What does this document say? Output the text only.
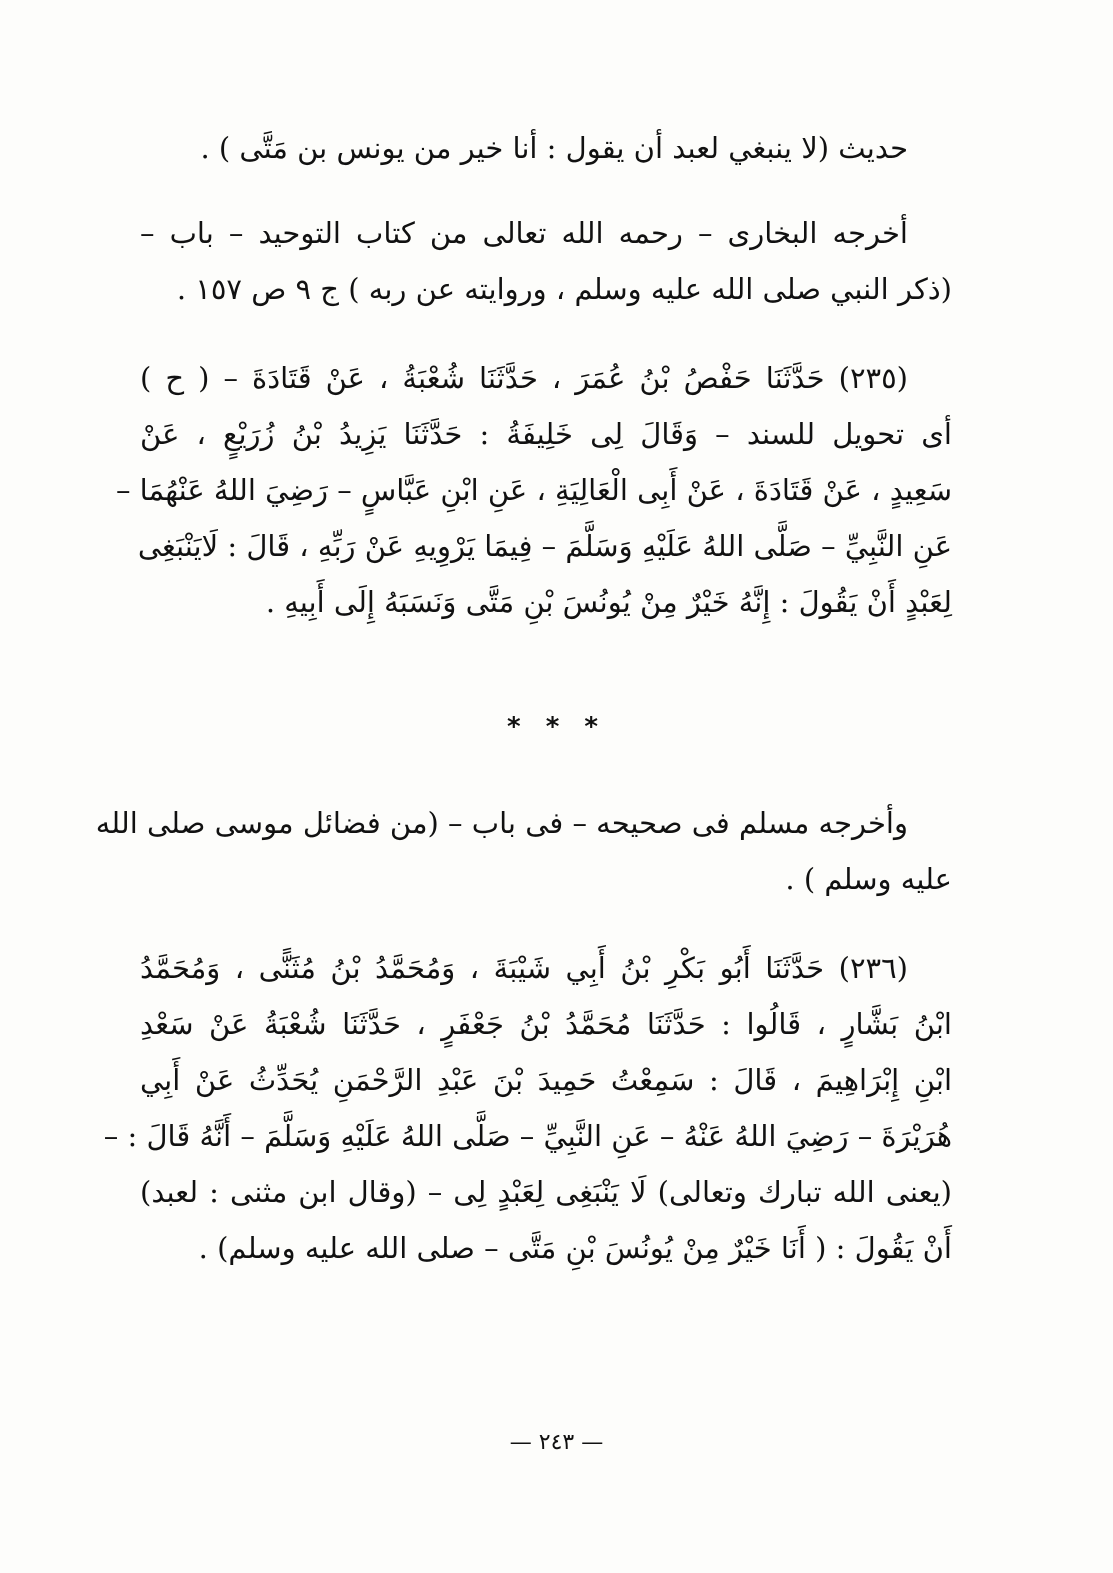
حديث (لا ينبغي لعبد أن يقول : أنا خير من يونس بن مَتَّى ) .
أخرجه البخارى – رحمه الله تعالى من كتاب التوحيد – باب –
(ذكر النبي صلى الله عليه وسلم ، وروايته عن ربه ) ج ٩ ص ١٥٧ .
(٢٣٥) حَدَّثَنَا حَفْصُ بْنُ عُمَرَ ، حَدَّثَنَا شُعْبَةُ ، عَنْ قَتَادَةَ – ( ح )
أى تحويل للسند – وَقَالَ لِى خَلِيفَةُ : حَدَّثَنَا يَزِيدُ بْنُ زُرَيْعٍ ، عَنْ
سَعِيدٍ ، عَنْ قَتَادَةَ ، عَنْ أَبِى الْعَالِيَةِ ، عَنِ ابْنِ عَبَّاسٍ – رَضِيَ اللهُ عَنْهُمَا –
عَنِ النَّبِيِّ – صَلَّى اللهُ عَلَيْهِ وَسَلَّمَ – فِيمَا يَرْوِيهِ عَنْ رَبِّهِ ، قَالَ : لَايَنْبَغِى
لِعَبْدٍ أَنْ يَقُولَ : إِنَّهُ خَيْرٌ مِنْ يُونُسَ بْنِ مَتَّى وَنَسَبَهُ إِلَى أَبِيهِ .
* * *
وأخرجه مسلم فى صحيحه – فى باب – (من فضائل موسى صلى الله
عليه وسلم ) .
(٢٣٦) حَدَّثَنَا أَبُو بَكْرِ بْنُ أَبِي شَيْبَةَ ، وَمُحَمَّدُ بْنُ مُثَنًّى ، وَمُحَمَّدُ
ابْنُ بَشَّارٍ ، قَالُوا : حَدَّثَنَا مُحَمَّدُ بْنُ جَعْفَرٍ ، حَدَّثَنَا شُعْبَةُ عَنْ سَعْدِ
ابْنِ إِبْرَاهِيمَ ، قَالَ : سَمِعْتُ حَمِيدَ بْنَ عَبْدِ الرَّحْمَنِ يُحَدِّثُ عَنْ أَبِي
هُرَيْرَةَ – رَضِيَ اللهُ عَنْهُ – عَنِ النَّبِيِّ – صَلَّى اللهُ عَلَيْهِ وَسَلَّمَ – أَنَّهُ قَالَ : –
(يعنى الله تبارك وتعالى) لَا يَنْبَغِى لِعَبْدٍ لِى – (وقال ابن مثنى : لعبد)
أَنْ يَقُولَ : ( أَنَا خَيْرٌ مِنْ يُونُسَ بْنِ مَتَّى – صلى الله عليه وسلم) .
— ٢٤٣ —
